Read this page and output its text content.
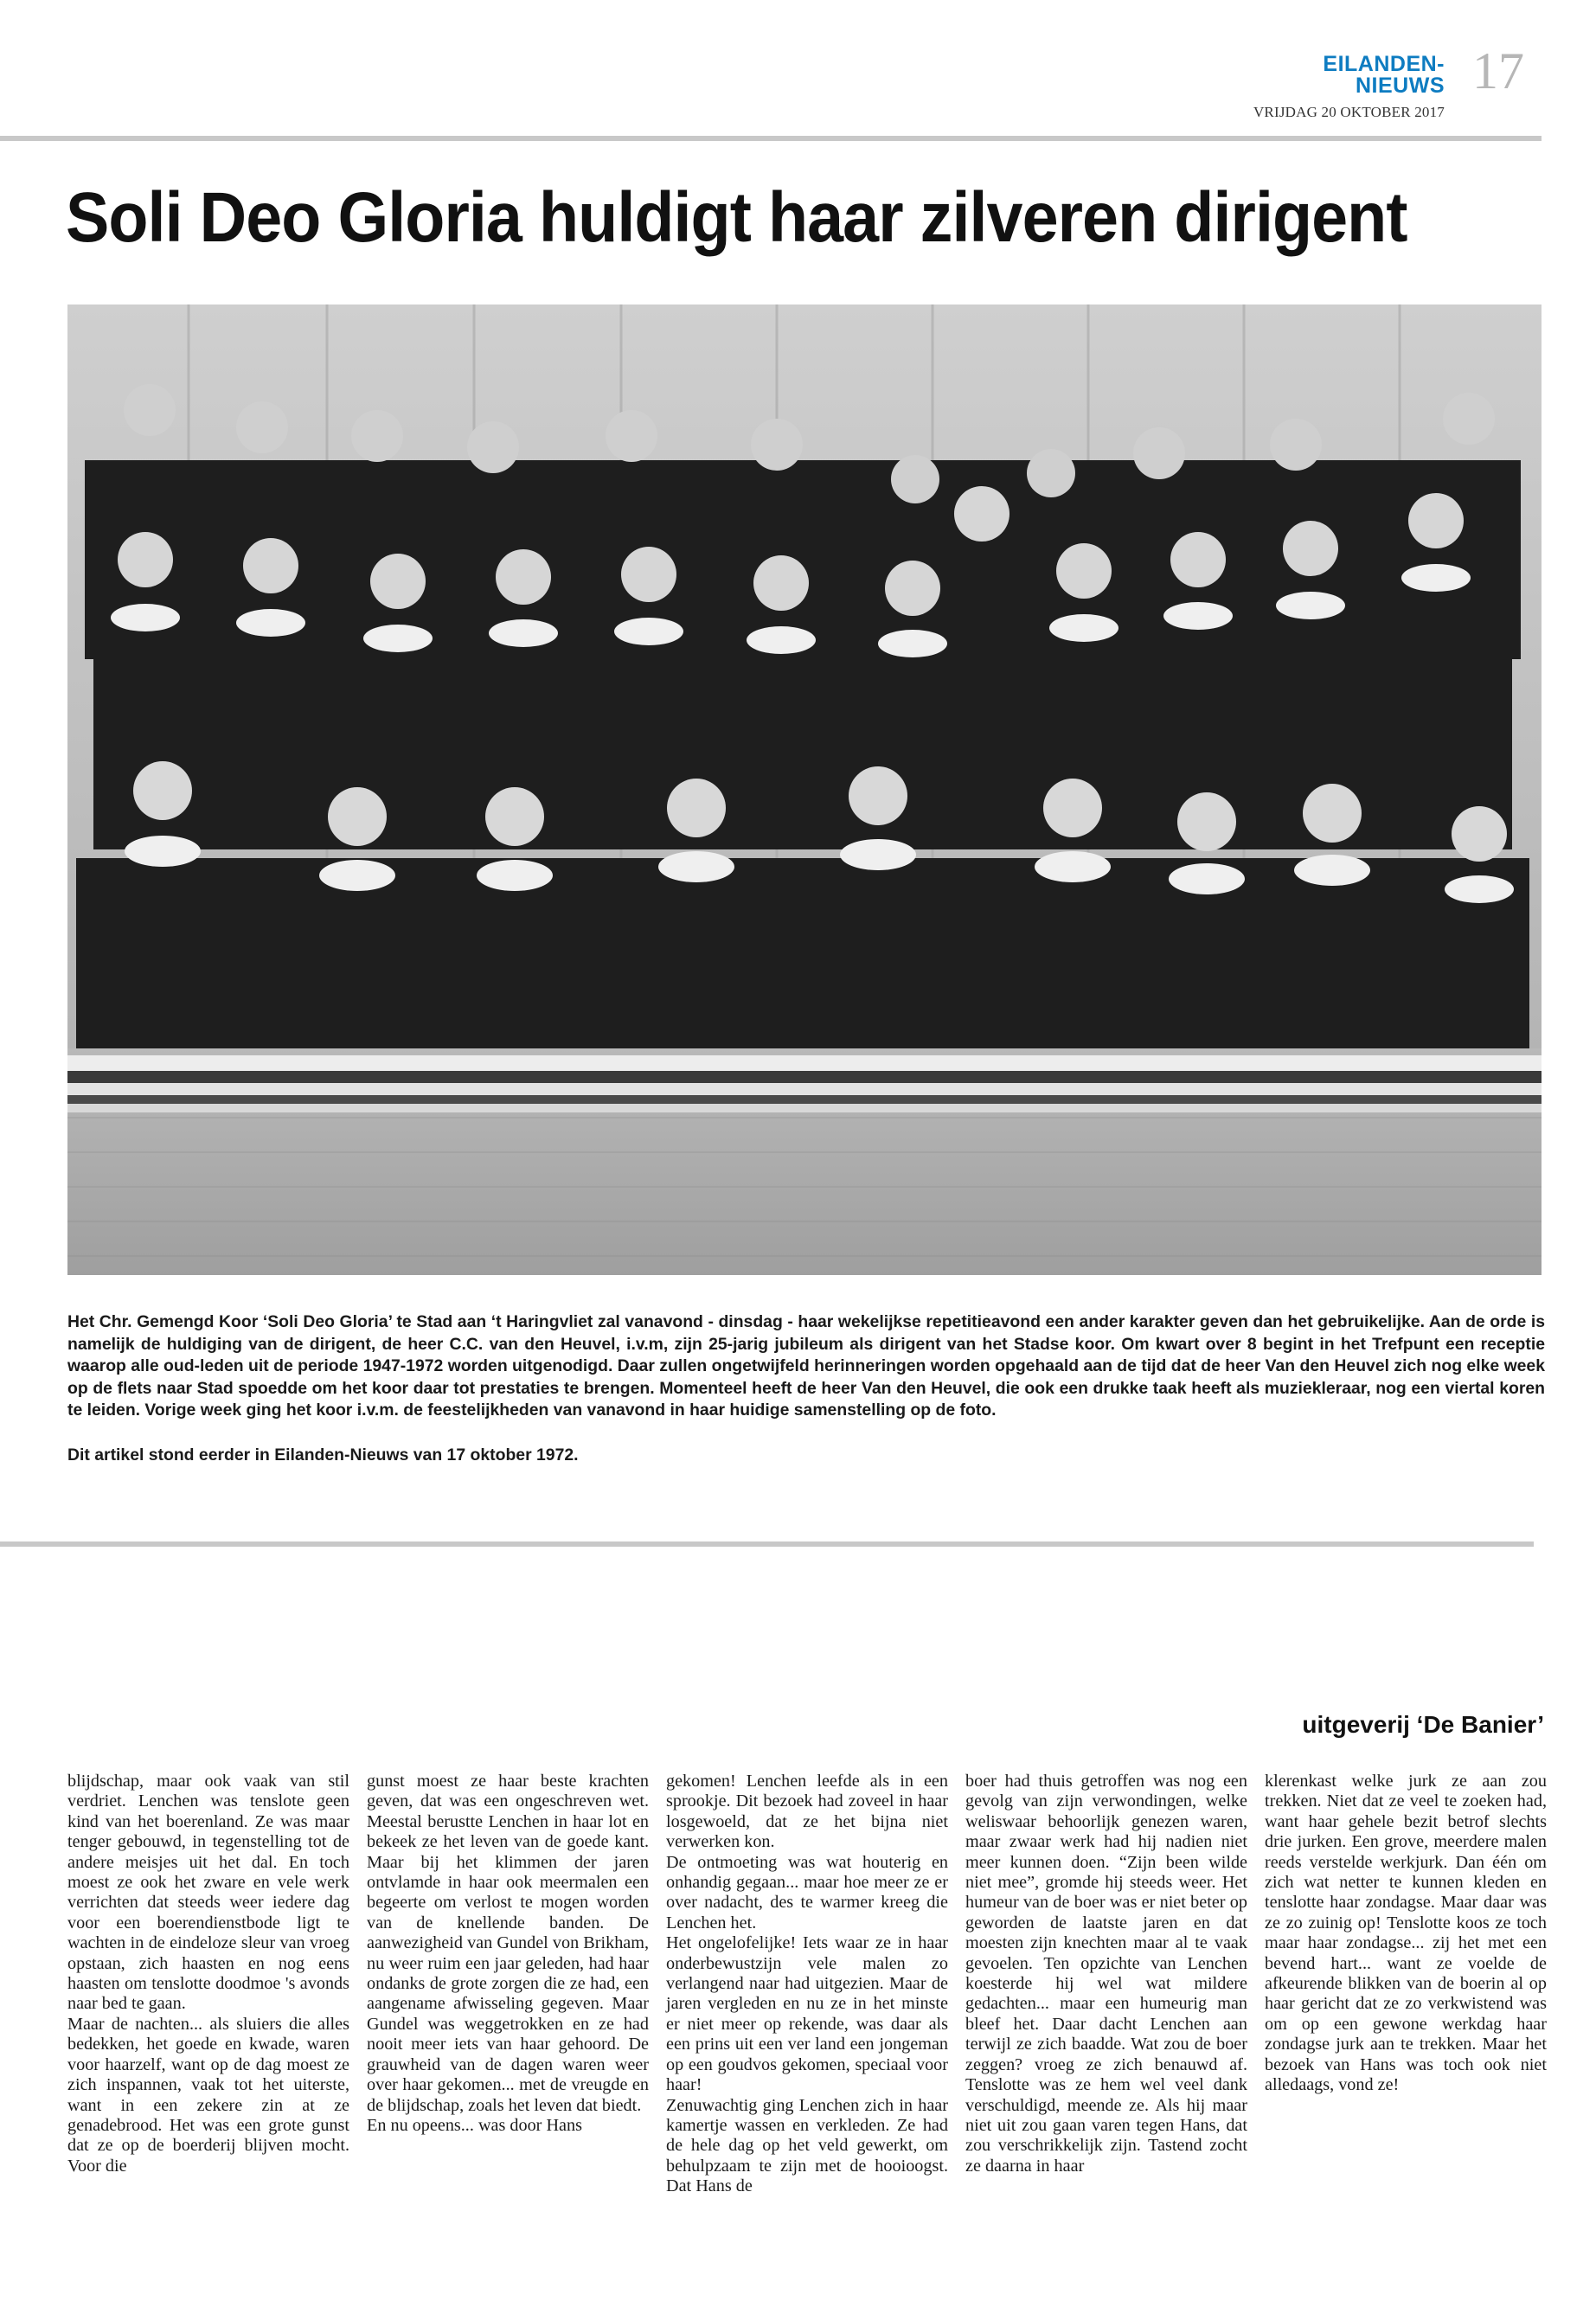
EILANDEN-NIEUWS
VRIJDAG 20 OKTOBER 2017
17
Soli Deo Gloria huldigt haar zilveren dirigent
Het Chr. Gemengd Koor ‘Soli Deo Gloria’ te Stad aan ‘t Haringvliet zal vanavond - dinsdag - haar wekelijkse repetitieavond een ander karakter geven dan het gebruikelijke. Aan de orde is namelijk de huldiging van de dirigent, de heer C.C. van den Heuvel, i.v.m, zijn 25-jarig jubileum als dirigent van het Stadse koor. Om kwart over 8 begint in het Trefpunt een receptie waarop alle oud-leden uit de periode 1947-1972 worden uitgenodigd. Daar zullen ongetwijfeld herinneringen worden opgehaald aan de tijd dat de heer Van den Heuvel zich nog elke week op de flets naar Stad spoedde om het koor daar tot prestaties te brengen. Momenteel heeft de heer Van den Heuvel, die ook een drukke taak heeft als muziekleraar, nog een viertal koren te leiden. Vorige week ging het koor i.v.m. de feestelijkheden van vanavond in haar huidige samenstelling op de foto.
Dit artikel stond eerder in Eilanden-Nieuws van 17 oktober 1972.
uitgeverij ‘De Banier’
blijdschap, maar ook vaak van stil verdriet. Lenchen was tenslote geen kind van het boerenland. Ze was maar tenger gebouwd, in tegenstelling tot de andere meisjes uit het dal. En toch moest ze ook het zware en vele werk verrichten dat steeds weer iedere dag voor een boerendienstbode ligt te wachten in de eindeloze sleur van vroeg opstaan, zich haasten en nog eens haasten om tenslotte doodmoe 's avonds naar bed te gaan.
Maar de nachten... als sluiers die alles bedekken, het goede en kwade, waren voor haarzelf, want op de dag moest ze zich inspannen, vaak tot het uiterste, want in een zekere zin at ze genadebrood. Het was een grote gunst dat ze op de boerderij blijven mocht. Voor die
gunst moest ze haar beste krachten geven, dat was een ongeschreven wet. Meestal berustte Lenchen in haar lot en bekeek ze het leven van de goede kant. Maar bij het klimmen der jaren ontvlamde in haar ook meermalen een begeerte om verlost te mogen worden van de knellende banden. De aanwezigheid van Gundel von Brikham, nu weer ruim een jaar geleden, had haar ondanks de grote zorgen die ze had, een aangename afwisseling gegeven. Maar Gundel was weggetrokken en ze had nooit meer iets van haar gehoord. De grauwheid van de dagen waren weer over haar gekomen... met de vreugde en de blijdschap, zoals het leven dat biedt.
En nu opeens... was door Hans
gekomen! Lenchen leefde als in een sprookje. Dit bezoek had zoveel in haar losgewoeld, dat ze het bijna niet verwerken kon.
De ontmoeting was wat houterig en onhandig gegaan... maar hoe meer ze er over nadacht, des te warmer kreeg die Lenchen het.
Het ongelofelijke! Iets waar ze in haar onderbewustzijn vele malen zo verlangend naar had uitgezien. Maar de jaren vergleden en nu ze in het minste er niet meer op rekende, was daar als een prins uit een ver land een jongeman op een goudvos gekomen, speciaal voor haar!
Zenuwachtig ging Lenchen zich in haar kamertje wassen en verkleden. Ze had de hele dag op het veld gewerkt, om behulpzaam te zijn met de hooioogst. Dat Hans de
boer had thuis getroffen was nog een gevolg van zijn verwondingen, welke weliswaar behoorlijk genezen waren, maar zwaar werk had hij nadien niet meer kunnen doen. “Zijn been wilde niet mee”, gromde hij steeds weer. Het humeur van de boer was er niet beter op geworden de laatste jaren en dat moesten zijn knechten maar al te vaak gevoelen. Ten opzichte van Lenchen koesterde hij wel wat mildere gedachten... maar een humeurig man bleef het. Daar dacht Lenchen aan terwijl ze zich baadde. Wat zou de boer zeggen? vroeg ze zich benauwd af. Tenslotte was ze hem wel veel dank verschuldigd, meende ze. Als hij maar niet uit zou gaan varen tegen Hans, dat zou verschrikkelijk zijn. Tastend zocht ze daarna in haar
klerenkast welke jurk ze aan zou trekken. Niet dat ze veel te zoeken had, want haar gehele bezit betrof slechts drie jurken. Een grove, meerdere malen reeds verstelde werkjurk. Dan één om zich wat netter te kunnen kleden en tenslotte haar zondagse. Maar daar was ze zo zuinig op! Tenslotte koos ze toch maar haar zondagse... zij het met een bevend hart... want ze voelde de afkeurende blikken van de boerin al op haar gericht dat ze zo verkwistend was om op een gewone werkdag haar zondagse jurk aan te trekken. Maar het bezoek van Hans was toch ook niet alledaags, vond ze!
